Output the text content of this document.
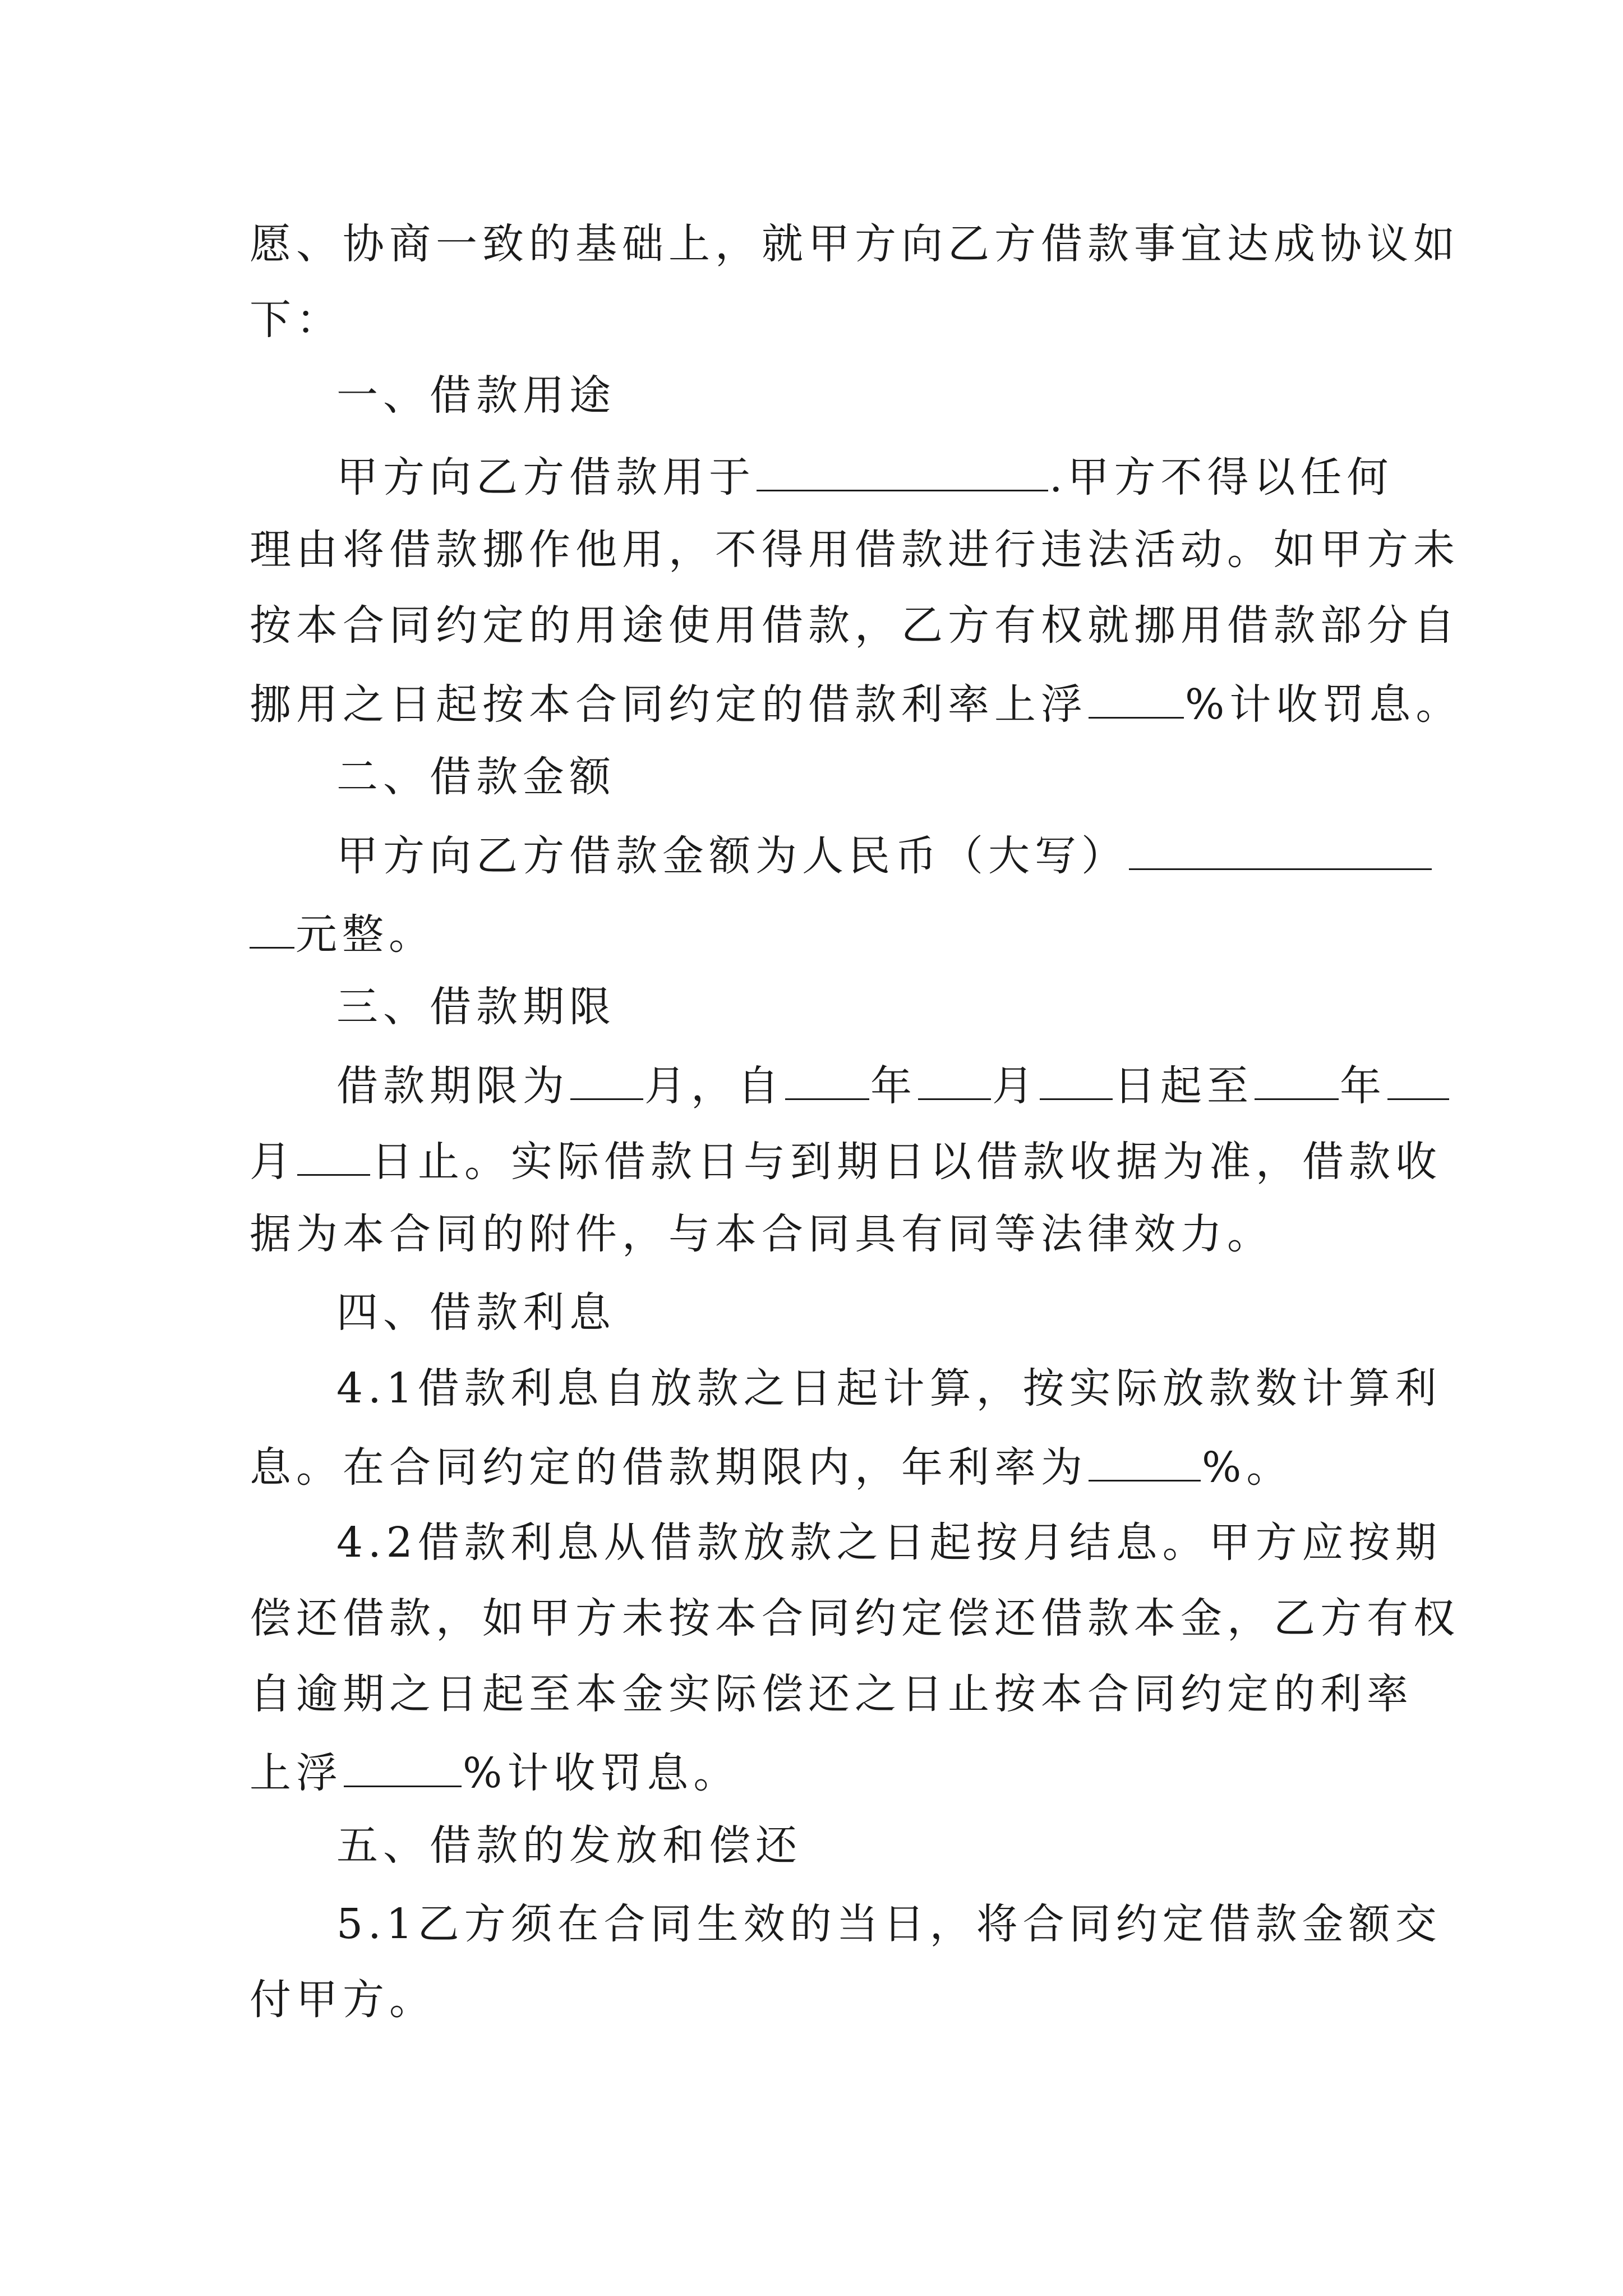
愿、协商一致的基础上，就甲方向乙方借款事宜达成协议如
下：
一、借款用途
甲方向乙方借款用于	.甲方不得以任何
理由将借款挪作他用，不得用借款进行违法活动。如甲方未
按本合同约定的用途使用借款，乙方有权就挪用借款部分自
挪用之日起按本合同约定的借款利率上浮 %计收罚息。
二、借款金额
甲方向乙方借款金额为人民币（大写）
元整。
三、借款期限
借款期限为 月，自 年 月 日起至 年
月 日止。实际借款日与到期日以借款收据为准，借款收
据为本合同的附件，与本合同具有同等法律效力。
四、借款利息
4.1借款利息自放款之日起计算，按实际放款数计算利
息。在合同约定的借款期限内，年利率为	%。
4.2借款利息从借款放款之日起按月结息。甲方应按期
偿还借款，如甲方未按本合同约定偿还借款本金，乙方有权
自逾期之日起至本金实际偿还之日止按本合同约定的利率
上浮	%计收罚息。
五、借款的发放和偿还
5.1乙方须在合同生效的当日，将合同约定借款金额交
付甲方。
